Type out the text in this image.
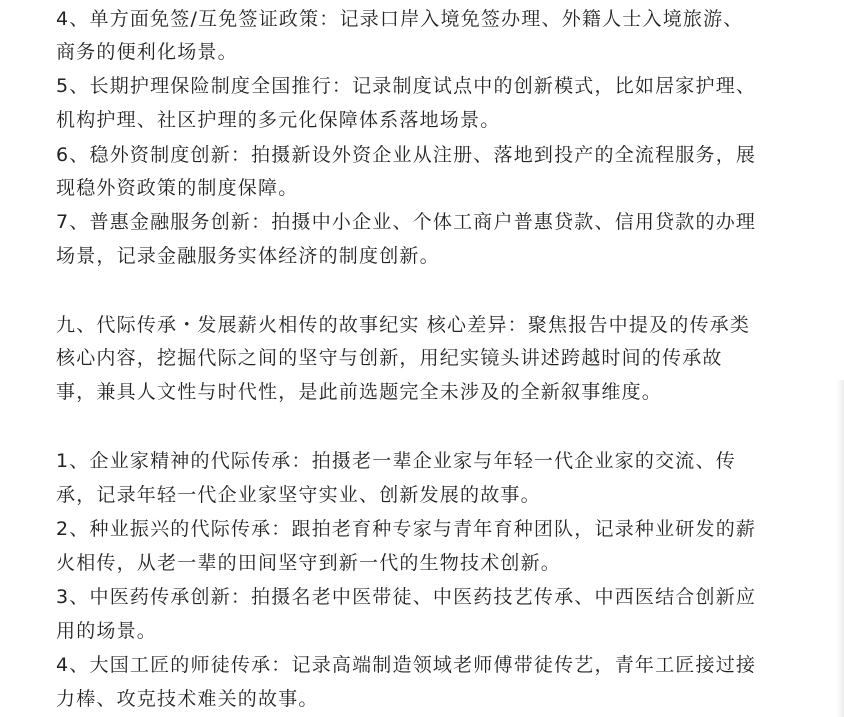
4、单方面免签/互免签证政策：记录口岸入境免签办理、外籍人士入境旅游、
商务的便利化场景。
5、长期护理保险制度全国推行：记录制度试点中的创新模式，比如居家护理、
机构护理、社区护理的多元化保障体系落地场景。
6、稳外资制度创新：拍摄新设外资企业从注册、落地到投产的全流程服务，展
现稳外资政策的制度保障。
7、普惠金融服务创新：拍摄中小企业、个体工商户普惠贷款、信用贷款的办理
场景，记录金融服务实体经济的制度创新。
九、代际传承・发展薪火相传的故事纪实 核心差异：聚焦报告中提及的传承类
核心内容，挖掘代际之间的坚守与创新，用纪实镜头讲述跨越时间的传承故
事，兼具人文性与时代性，是此前选题完全未涉及的全新叙事维度。
1、企业家精神的代际传承：拍摄老一辈企业家与年轻一代企业家的交流、传
承，记录年轻一代企业家坚守实业、创新发展的故事。
2、种业振兴的代际传承：跟拍老育种专家与青年育种团队，记录种业研发的薪
火相传，从老一辈的田间坚守到新一代的生物技术创新。
3、中医药传承创新：拍摄名老中医带徒、中医药技艺传承、中西医结合创新应
用的场景。
4、大国工匠的师徒传承：记录高端制造领域老师傅带徒传艺，青年工匠接过接
力棒、攻克技术难关的故事。
